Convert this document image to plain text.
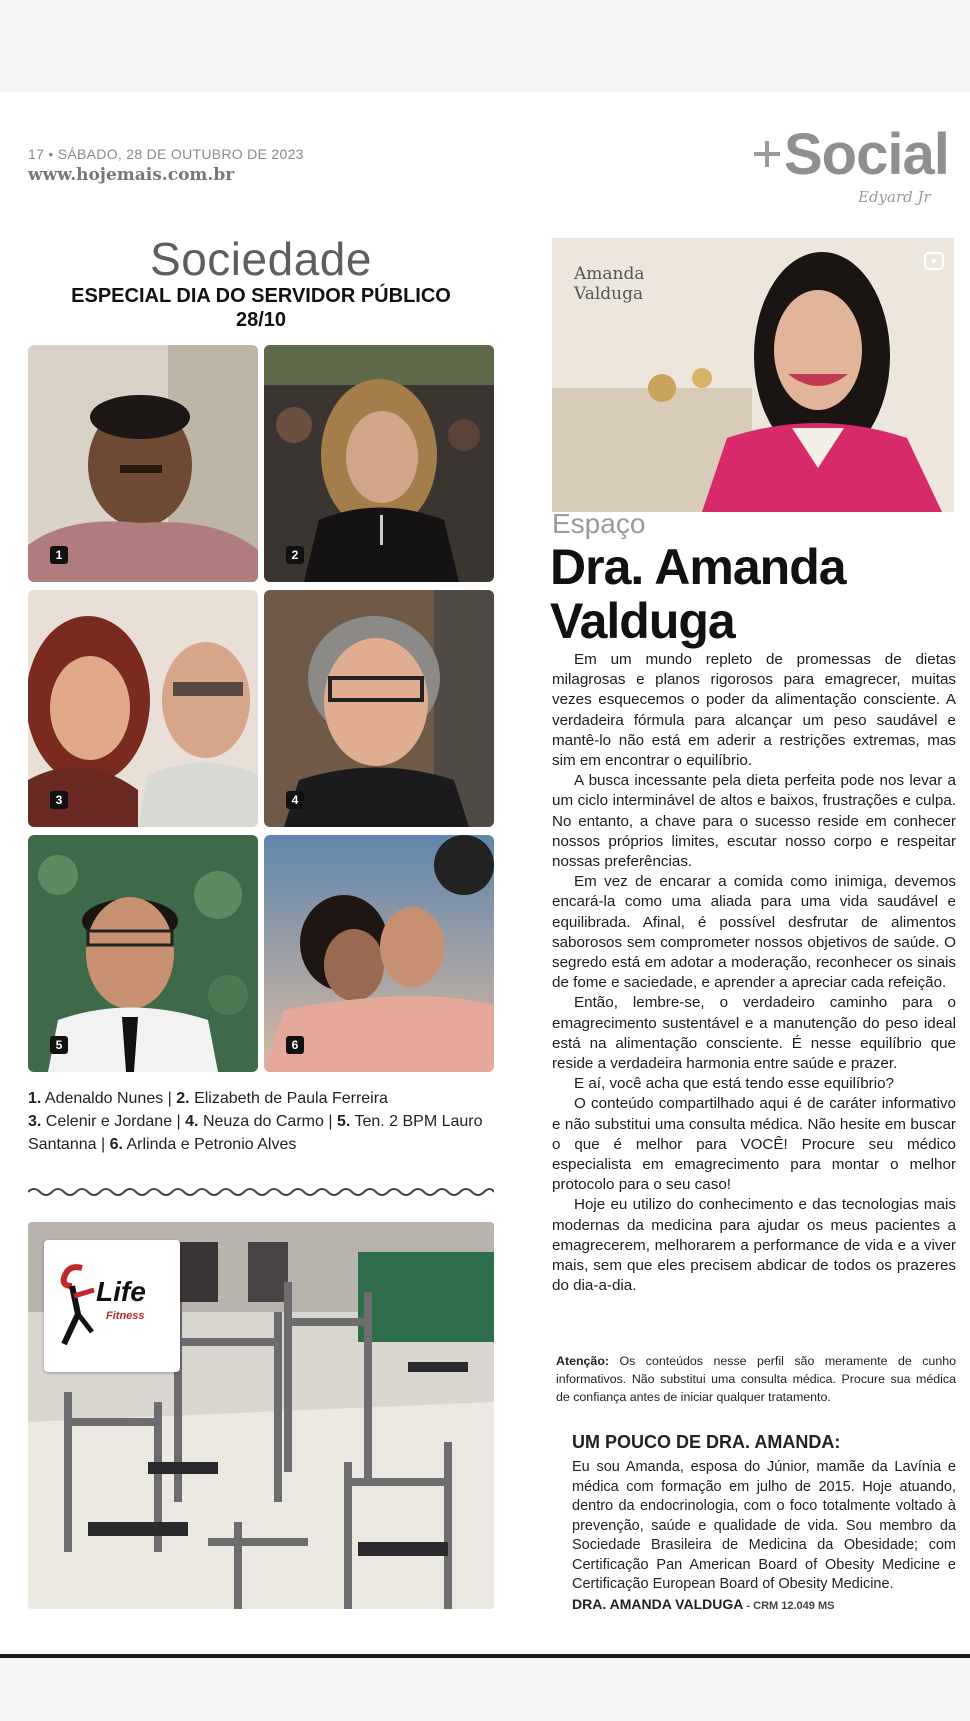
17 • SÁBADO, 28 DE OUTUBRO DE 2023
www.hojemais.com.br	Social
Edyard Jr
Sociedade
ESPECIAL DIA DO SERVIDOR PÚBLICO
28/10
1	2
3	4
5	6
1. Adenaldo Nunes | 2. Elizabeth de Paula Ferreira
3. Celenir e Jordane | 4. Neuza do Carmo | 5. Ten. 2 BPM Lauro Santanna | 6. Arlinda e Petronio Alves
Life
Fitness
Amanda
Valduga
Espaço
Dra. Amanda
Valduga

Em um mundo repleto de promessas de dietas milagrosas e planos rigorosos para emagrecer, muitas vezes esquecemos o poder da alimentação consciente. A verdadeira fórmula para alcançar um peso saudável e mantê-lo não está em aderir a restrições extremas, mas sim em encontrar o equilíbrio.

A busca incessante pela dieta perfeita pode nos levar a um ciclo interminável de altos e baixos, frustrações e culpa. No entanto, a chave para o sucesso reside em conhecer nossos próprios limites, escutar nosso corpo e respeitar nossas preferências.

Em vez de encarar a comida como inimiga, devemos encará-la como uma aliada para uma vida saudável e equilibrada. Afinal, é possível desfrutar de alimentos saborosos sem comprometer nossos objetivos de saúde. O segredo está em adotar a moderação, reconhecer os sinais de fome e saciedade, e aprender a apreciar cada refeição.

Então, lembre-se, o verdadeiro caminho para o emagrecimento sustentável e a manutenção do peso ideal está na alimentação consciente. É nesse equilíbrio que reside a verdadeira harmonia entre saúde e prazer.

E aí, você acha que está tendo esse equilíbrio?

O conteúdo compartilhado aqui é de caráter informativo e não substitui uma consulta médica. Não hesite em buscar o que é melhor para VOCÊ! Procure seu médico especialista em emagrecimento para montar o melhor protocolo para o seu caso!

Hoje eu utilizo do conhecimento e das tecnologias mais modernas da medicina para ajudar os meus pacientes a emagrecerem, melhorarem a performance de vida e a viver mais, sem que eles precisem abdicar de todos os prazeres do dia-a-dia.

Atenção: Os conteúdos nesse perfil são meramente de cunho informativos. Não substitui uma consulta médica. Procure sua médica de confiança antes de iniciar qualquer tratamento.
UM POUCO DE DRA. AMANDA:
Eu sou Amanda, esposa do Júnior, mamãe da Lavínia e médica com formação em julho de 2015. Hoje atuando, dentro da endocrinologia, com o foco totalmente voltado à prevenção, saúde e qualidade de vida. Sou membro da Sociedade Brasileira de Medicina da Obesidade; com Certificação Pan American Board of Obesity Medicine e Certificação European Board of Obesity Medicine.
DRA. AMANDA VALDUGA - CRM 12.049 MS
